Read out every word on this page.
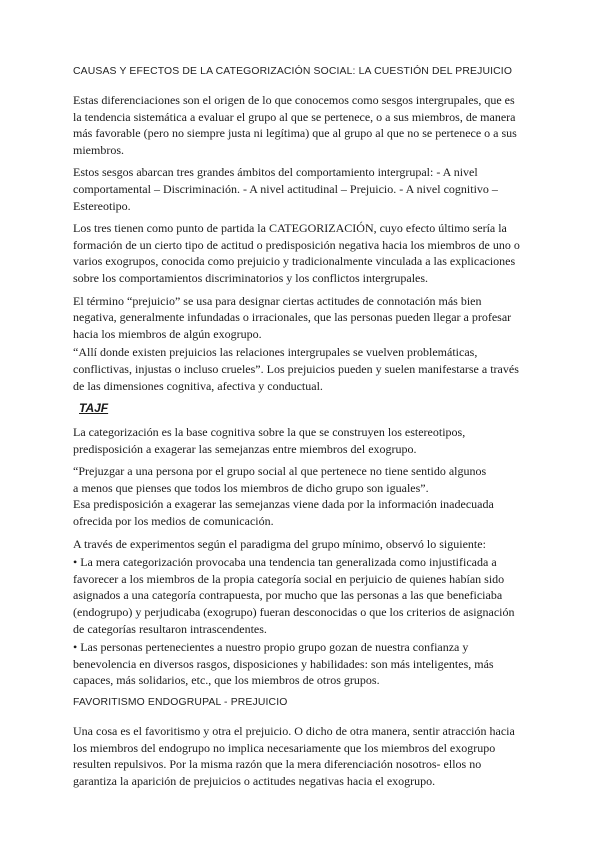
CAUSAS Y EFECTOS DE LA CATEGORIZACIÓN SOCIAL: LA CUESTIÓN DEL PREJUICIO

Estas diferenciaciones son el origen de lo que conocemos como sesgos intergrupales, que es
la tendencia sistemática a evaluar el grupo al que se pertenece, o a sus miembros, de manera
más favorable (pero no siempre justa ni legítima) que al grupo al que no se pertenece o a sus
miembros.

Estos sesgos abarcan tres grandes ámbitos del comportamiento intergrupal: - A nivel
comportamental – Discriminación. - A nivel actitudinal – Prejuicio. - A nivel cognitivo –
Estereotipo.

Los tres tienen como punto de partida la CATEGORIZACIÓN, cuyo efecto último sería la
formación de un cierto tipo de actitud o predisposición negativa hacia los miembros de uno o
varios exogrupos, conocida como prejuicio y tradicionalmente vinculada a las explicaciones
sobre los comportamientos discriminatorios y los conflictos intergrupales.

El término “prejuicio” se usa para designar ciertas actitudes de connotación más bien
negativa, generalmente infundadas o irracionales, que las personas pueden llegar a profesar
hacia los miembros de algún exogrupo.

“Allí donde existen prejuicios las relaciones intergrupales se vuelven problemáticas,
conflictivas, injustas o incluso crueles”. Los prejuicios pueden y suelen manifestarse a través
de las dimensiones cognitiva, afectiva y conductual.

TAJF

La categorización es la base cognitiva sobre la que se construyen los estereotipos,
predisposición a exagerar las semejanzas entre miembros del exogrupo.

“Prejuzgar a una persona por el grupo social al que pertenece no tiene sentido algunos
a menos que pienses que todos los miembros de dicho grupo son iguales”.
Esa predisposición a exagerar las semejanzas viene dada por la información inadecuada
ofrecida por los medios de comunicación.

A través de experimentos según el paradigma del grupo mínimo, observó lo siguiente:

• La mera categorización provocaba una tendencia tan generalizada como injustificada a
favorecer a los miembros de la propia categoría social en perjuicio de quienes habían sido
asignados a una categoría contrapuesta, por mucho que las personas a las que beneficiaba
(endogrupo) y perjudicaba (exogrupo) fueran desconocidas o que los criterios de asignación
de categorías resultaron intrascendentes.

• Las personas pertenecientes a nuestro propio grupo gozan de nuestra confianza y
benevolencia en diversos rasgos, disposiciones y habilidades: son más inteligentes, más
capaces, más solidarios, etc., que los miembros de otros grupos.

FAVORITISMO ENDOGRUPAL - PREJUICIO

Una cosa es el favoritismo y otra el prejuicio. O dicho de otra manera, sentir atracción hacia
los miembros del endogrupo no implica necesariamente que los miembros del exogrupo
resulten repulsivos. Por la misma razón que la mera diferenciación nosotros- ellos no
garantiza la aparición de prejuicios o actitudes negativas hacia el exogrupo.
